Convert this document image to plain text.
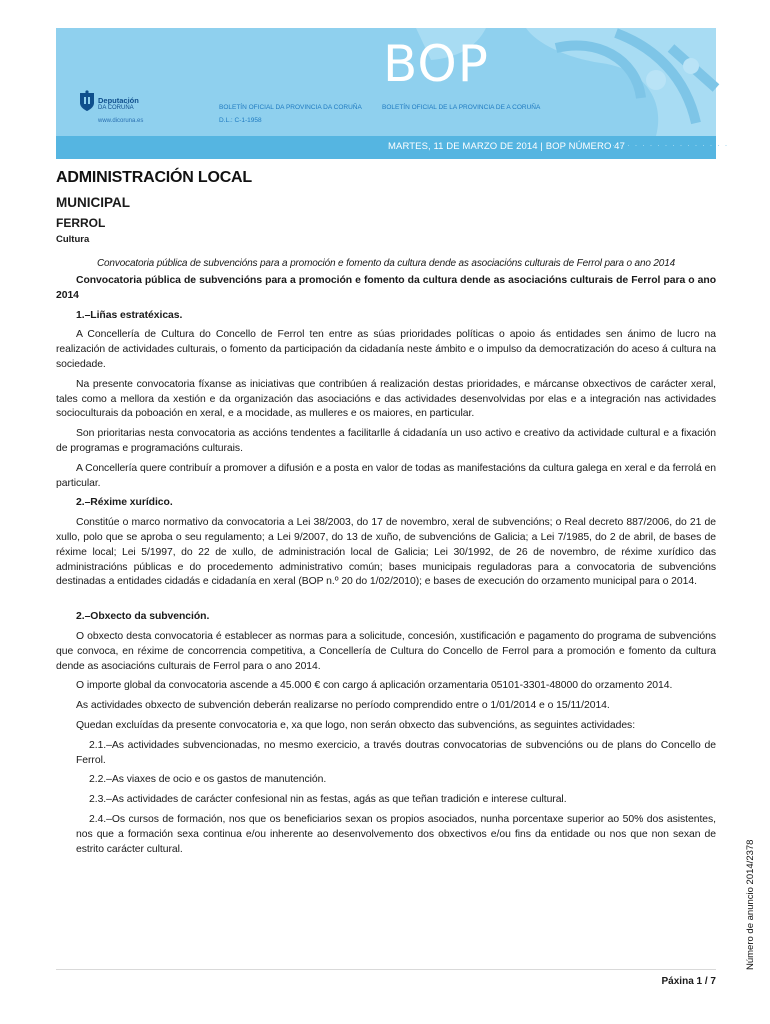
Deputación
DA CORUÑA
www.dicoruna.es
BOLETÍN OFICIAL DA PROVINCIA DA CORUÑA	BOLETÍN OFICIAL DE LA PROVINCIA DE A CORUÑA
D.L.: C-1-1958
BOP
MARTES, 11 DE MARZO DE 2014 | BOP NÚMERO 47
· · · · · · · · · · · · · · · ·
ADMINISTRACIÓN LOCAL
MUNICIPAL
FERROL
Cultura
Convocatoria pública de subvencións para a promoción e fomento da cultura dende as asociacións culturais de Ferrol para o ano 2014

Convocatoria pública de subvencións para a promoción e fomento da cultura dende as asociacións culturais de Ferrol para o ano 2014

1.–Liñas estratéxicas.

A Concellería de Cultura do Concello de Ferrol ten entre as súas prioridades políticas o apoio ás entidades sen ánimo de lucro na realización de actividades culturais, o fomento da participación da cidadanía neste ámbito e o impulso da democratización do aceso á cultura na sociedade.

Na presente convocatoria fíxanse as iniciativas que contribúen á realización destas prioridades, e márcanse obxectivos de carácter xeral, tales como a mellora da xestión e da organización das asociacións e das actividades desenvolvidas por elas e a integración nas actividades socioculturais da poboación en xeral, e a mocidade, as mulleres e os maiores, en particular.

Son prioritarias nesta convocatoria as accións tendentes a facilitarlle á cidadanía un uso activo e creativo da actividade cultural e a fixación de programas e programacións culturais.

A Concellería quere contribuír a promover a difusión e a posta en valor de todas as manifestacións da cultura galega en xeral e da ferrolá en particular.

2.–Réxime xurídico.

Constitúe o marco normativo da convocatoria a Lei 38/2003, do 17 de novembro, xeral de subvencións; o Real decreto 887/2006, do 21 de xullo, polo que se aproba o seu regulamento; a Lei 9/2007, do 13 de xuño, de subvencións de Galicia; a Lei 7/1985, do 2 de abril, de bases de réxime local; Lei 5/1997, do 22 de xullo, de administración local de Galicia; Lei 30/1992, de 26 de novembro, de réxime xurídico das administracións públicas e do procedemento administrativo común; bases municipais reguladoras para a convocatoria de subvencións destinadas a entidades cidadás e cidadanía en xeral (BOP n.º 20 do 1/02/2010); e bases de execución do orzamento municipal para o 2014.

2.–Obxecto da subvención.

O obxecto desta convocatoria é establecer as normas para a solicitude, concesión, xustificación e pagamento do programa de subvencións que convoca, en réxime de concorrencia competitiva, a Concellería de Cultura do Concello de Ferrol para a promoción e fomento da cultura dende as asociacións culturais de Ferrol para o ano 2014.

O importe global da convocatoria ascende a 45.000 € con cargo á aplicación orzamentaria 05101-3301-48000 do orzamento 2014.

As actividades obxecto de subvención deberán realizarse no período comprendido entre o 1/01/2014 e o 15/11/2014.

Quedan excluídas da presente convocatoria e, xa que logo, non serán obxecto das subvencións, as seguintes actividades:

2.1.–As actividades subvencionadas, no mesmo exercicio, a través doutras convocatorias de subvencións ou de plans do Concello de Ferrol.

2.2.–As viaxes de ocio e os gastos de manutención.

2.3.–As actividades de carácter confesional nin as festas, agás as que teñan tradición e interese cultural.

2.4.–Os cursos de formación, nos que os beneficiarios sexan os propios asociados, nunha porcentaxe superior ao 50% dos asistentes, nos que a formación sexa continua e/ou inherente ao desenvolvemento dos obxectivos e/ou fins da entidade ou nos que non sexan de estrito carácter cultural.

Páxina 1 / 7
Número de anuncio 2014/2378
